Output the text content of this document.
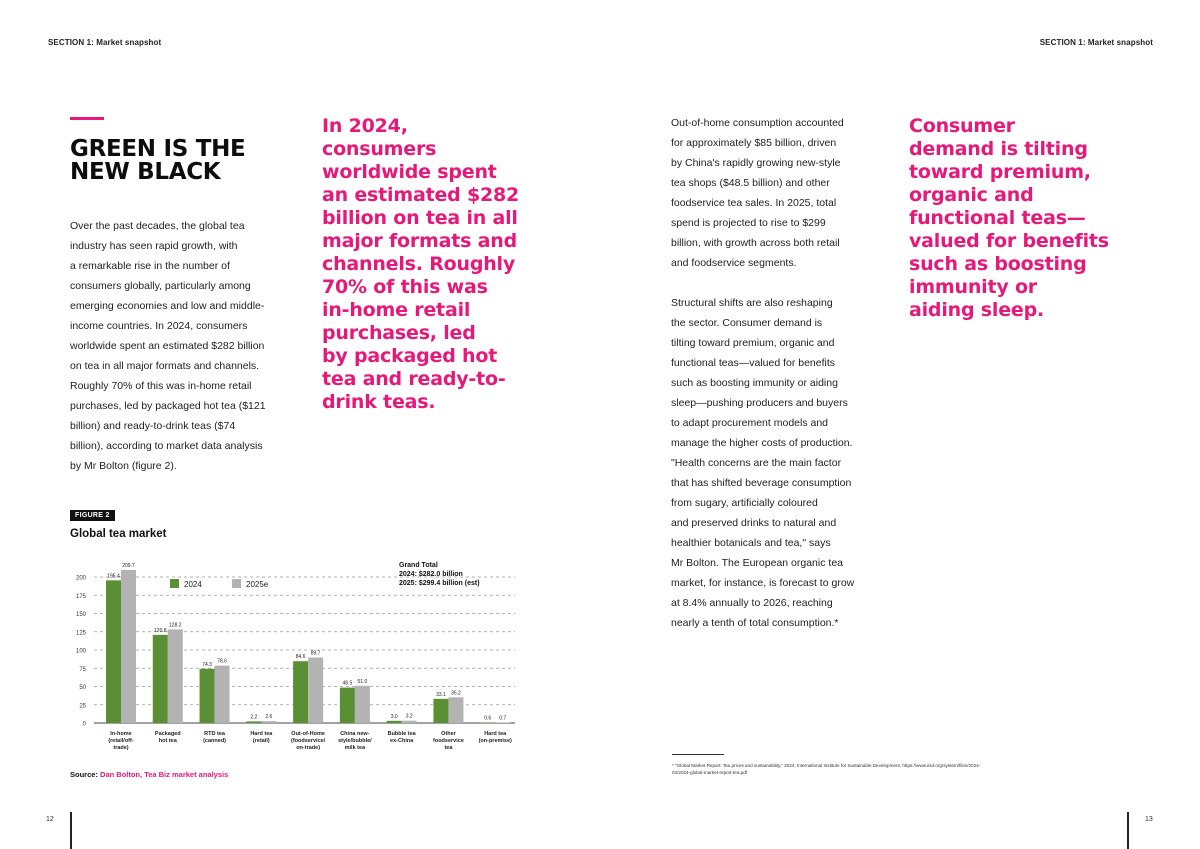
SECTION 1: Market snapshot	SECTION 1: Market snapshot
GREEN IS THE
NEW BLACK
Over the past decades, the global tea
industry has seen rapid growth, with
a remarkable rise in the number of
consumers globally, particularly among
emerging economies and low and middle-
income countries. In 2024, consumers
worldwide spent an estimated $282 billion
on tea in all major formats and channels.
Roughly 70% of this was in-home retail
purchases, led by packaged hot tea ($121
billion) and ready-to-drink teas ($74
billion), according to market data analysis
by Mr Bolton (figure 2).
In 2024,
consumers
worldwide spent
an estimated $282
billion on tea in all
major formats and
channels. Roughly
70% of this was
in-home retail
purchases, led
by packaged hot
tea and ready-to-
drink teas.
FIGURE 2
Global tea market
0
25
50
75
100
125
150
175
200	195.4
209.7
120.8
128.2
74.3
78.6
2.2 2.6
84.6
89.7
48.5 51.0
3.0 3.2
33.1 35.2
0.6 0.7
In-home
(retail/off-
trade)
Packaged
hot tea
RTD tea
(canned)
Hard tea
(retail)
Out-of-Home
(foodservice/
on-trade)
China new-
style/bubble/
milk tea
Bubble tea
ex-China
Other
foodservice
tea
Hard tea
(on-premise)
2024	2025e
Grand Total
2024: $282.0 billion
2025: $299.4 billion (est)
Source: Dan Bolton, Tea Biz market analysis
Out-of-home consumption accounted
for approximately $85 billion, driven
by China's rapidly growing new-style
tea shops ($48.5 billion) and other
foodservice tea sales. In 2025, total
spend is projected to rise to $299
billion, with growth across both retail
and foodservice segments.
Structural shifts are also reshaping
the sector. Consumer demand is
tilting toward premium, organic and
functional teas—valued for benefits
such as boosting immunity or aiding
sleep—pushing producers and buyers
to adapt procurement models and
manage the higher costs of production.
"Health concerns are the main factor
that has shifted beverage consumption
from sugary, artificially coloured
and preserved drinks to natural and
healthier botanicals and tea," says
Mr Bolton. The European organic tea
market, for instance, is forecast to grow
at 8.4% annually to 2026, reaching
nearly a tenth of total consumption.*
Consumer
demand is tilting
toward premium,
organic and
functional teas—
valued for benefits
such as boosting
immunity or
aiding sleep.
* "Global Market Report: Tea prices and sustainability," 2024, International Institute for Sustainable Development, https://www.iisd.org/system/files/2024-
03/2024-global-market-report-tea.pdf
12	13
